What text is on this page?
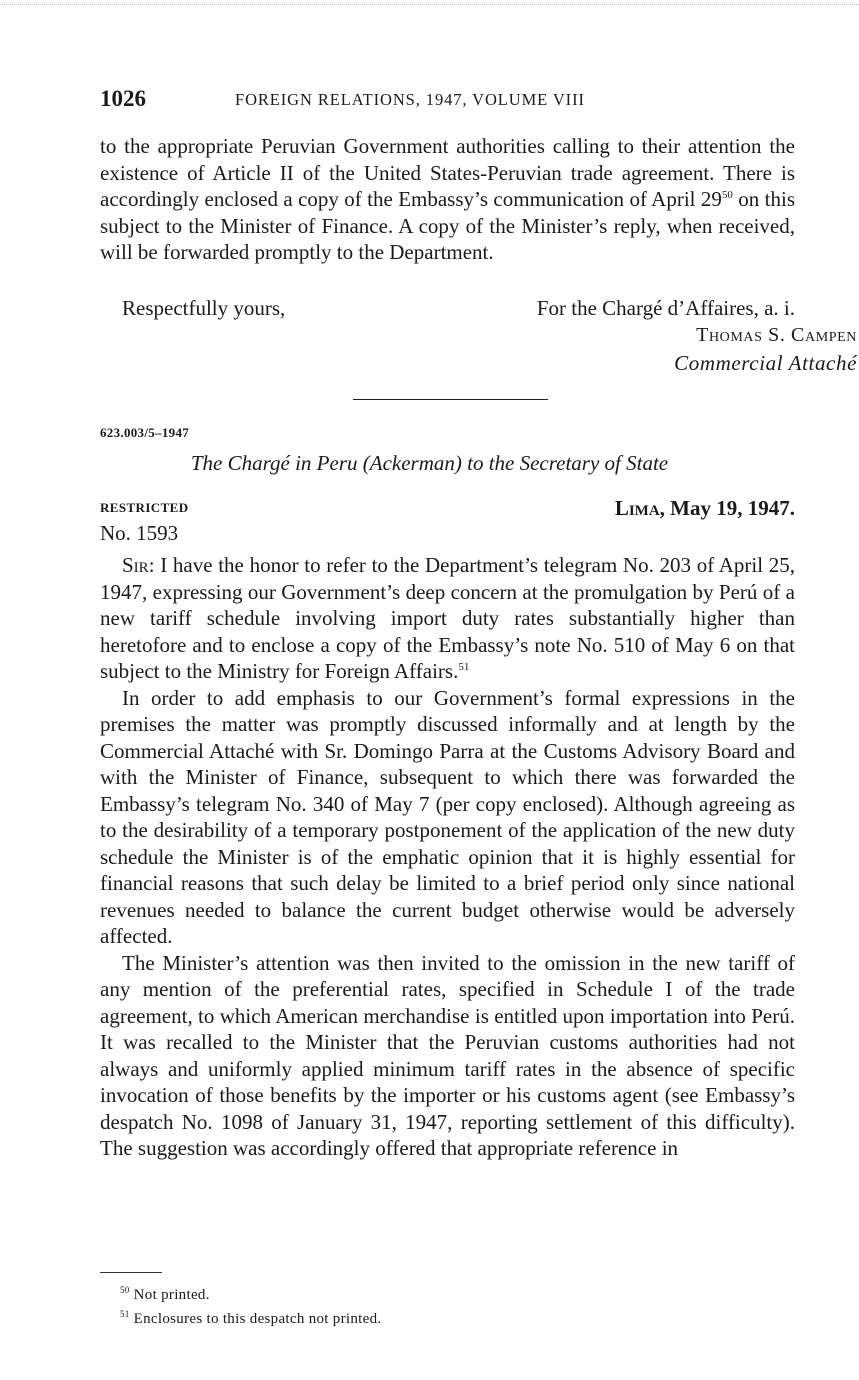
1026	FOREIGN RELATIONS, 1947, VOLUME VIII

to the appropriate Peruvian Government authorities calling to their attention the existence of Article II of the United States-Peruvian trade agreement. There is accordingly enclosed a copy of the Embassy’s communication of April 29$^{50}$ on this subject to the Minister of Finance. A copy of the Minister’s reply, when received, will be forwarded promptly to the Department.

Respectfully yours,	For the Chargé d’Affaires, a. i.
Thomas S. Campen
Commercial Attaché
623.003/5–1947
The Chargé in Peru (Ackerman) to the Secretary of State
RESTRICTED	Lima, May 19, 1947.
No. 1593

Sir: I have the honor to refer to the Department’s telegram No. 203 of April 25, 1947, expressing our Government’s deep concern at the promulgation by Perú of a new tariff schedule involving import duty rates substantially higher than heretofore and to enclose a copy of the Embassy’s note No. 510 of May 6 on that subject to the Ministry for Foreign Affairs.$^{51}$

In order to add emphasis to our Government’s formal expressions in the premises the matter was promptly discussed informally and at length by the Commercial Attaché with Sr. Domingo Parra at the Customs Advisory Board and with the Minister of Finance, subsequent to which there was forwarded the Embassy’s telegram No. 340 of May 7 (per copy enclosed). Although agreeing as to the desirability of a temporary postponement of the application of the new duty schedule the Minister is of the emphatic opinion that it is highly essential for financial reasons that such delay be limited to a brief period only since national revenues needed to balance the current budget otherwise would be adversely affected.

The Minister’s attention was then invited to the omission in the new tariff of any mention of the preferential rates, specified in Schedule I of the trade agreement, to which American merchandise is entitled upon importation into Perú. It was recalled to the Minister that the Peruvian customs authorities had not always and uniformly applied minimum tariff rates in the absence of specific invocation of those benefits by the importer or his customs agent (see Embassy’s despatch No. 1098 of January 31, 1947, reporting settlement of this difficulty). The suggestion was accordingly offered that appropriate reference in

$^{50}$ Not printed.
$^{51}$ Enclosures to this despatch not printed.
